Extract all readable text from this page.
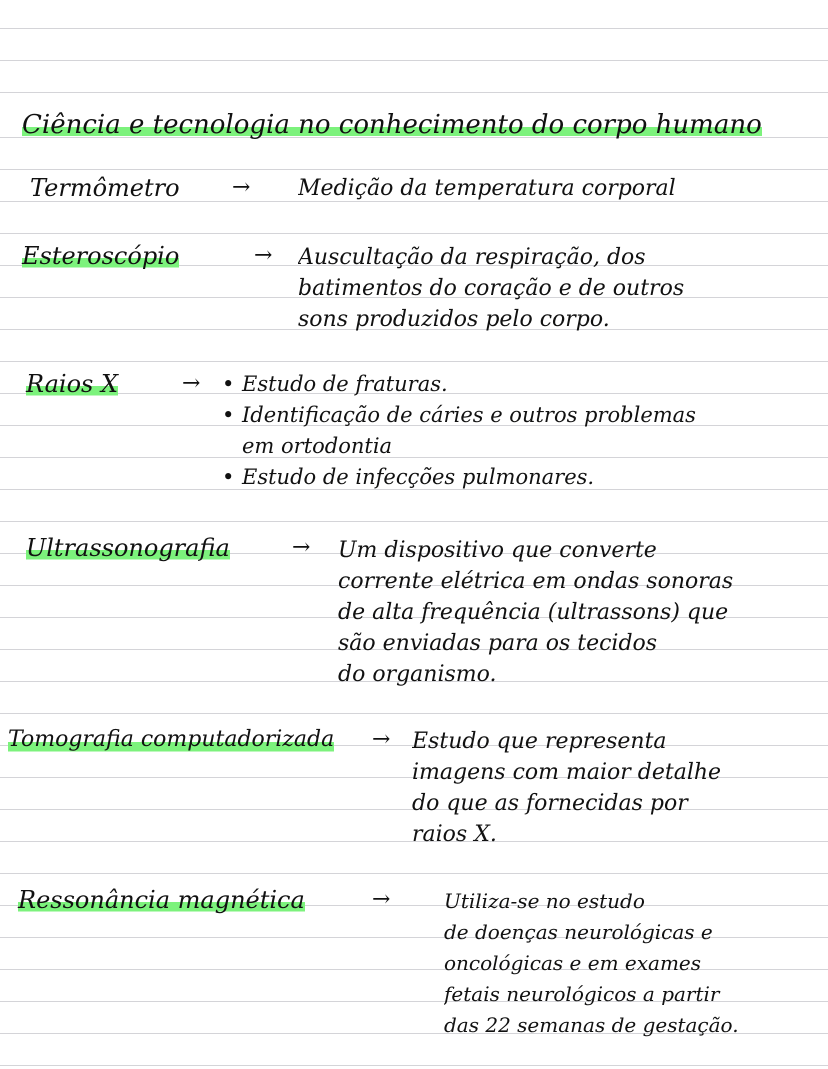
Ciência e tecnologia no conhecimento do corpo humano
Termômetro → Medição da temperatura corporal
Esteroscópio	→ Auscultação da respiração, dos
batimentos do coração e de outros
sons produzidos pelo corpo.
Raios X	→
•	Estudo de fraturas.
• Identificação de cáries e outros problemas
em ortodontia
• Estudo de infecções pulmonares.
Ultrassonografia	→ Um dispositivo que converte
corrente elétrica em ondas sonoras
de alta frequência (ultrassons) que
são enviadas para os tecidos
do organismo.
Tomografia computadorizada → Estudo que representa
imagens com maior detalhe
do que as fornecidas por
raios X.
Ressonância magnética	→	Utiliza-se no estudo
de doenças neurológicas e
oncológicas e em exames
fetais neurológicos a partir
das 22 semanas de gestação.
